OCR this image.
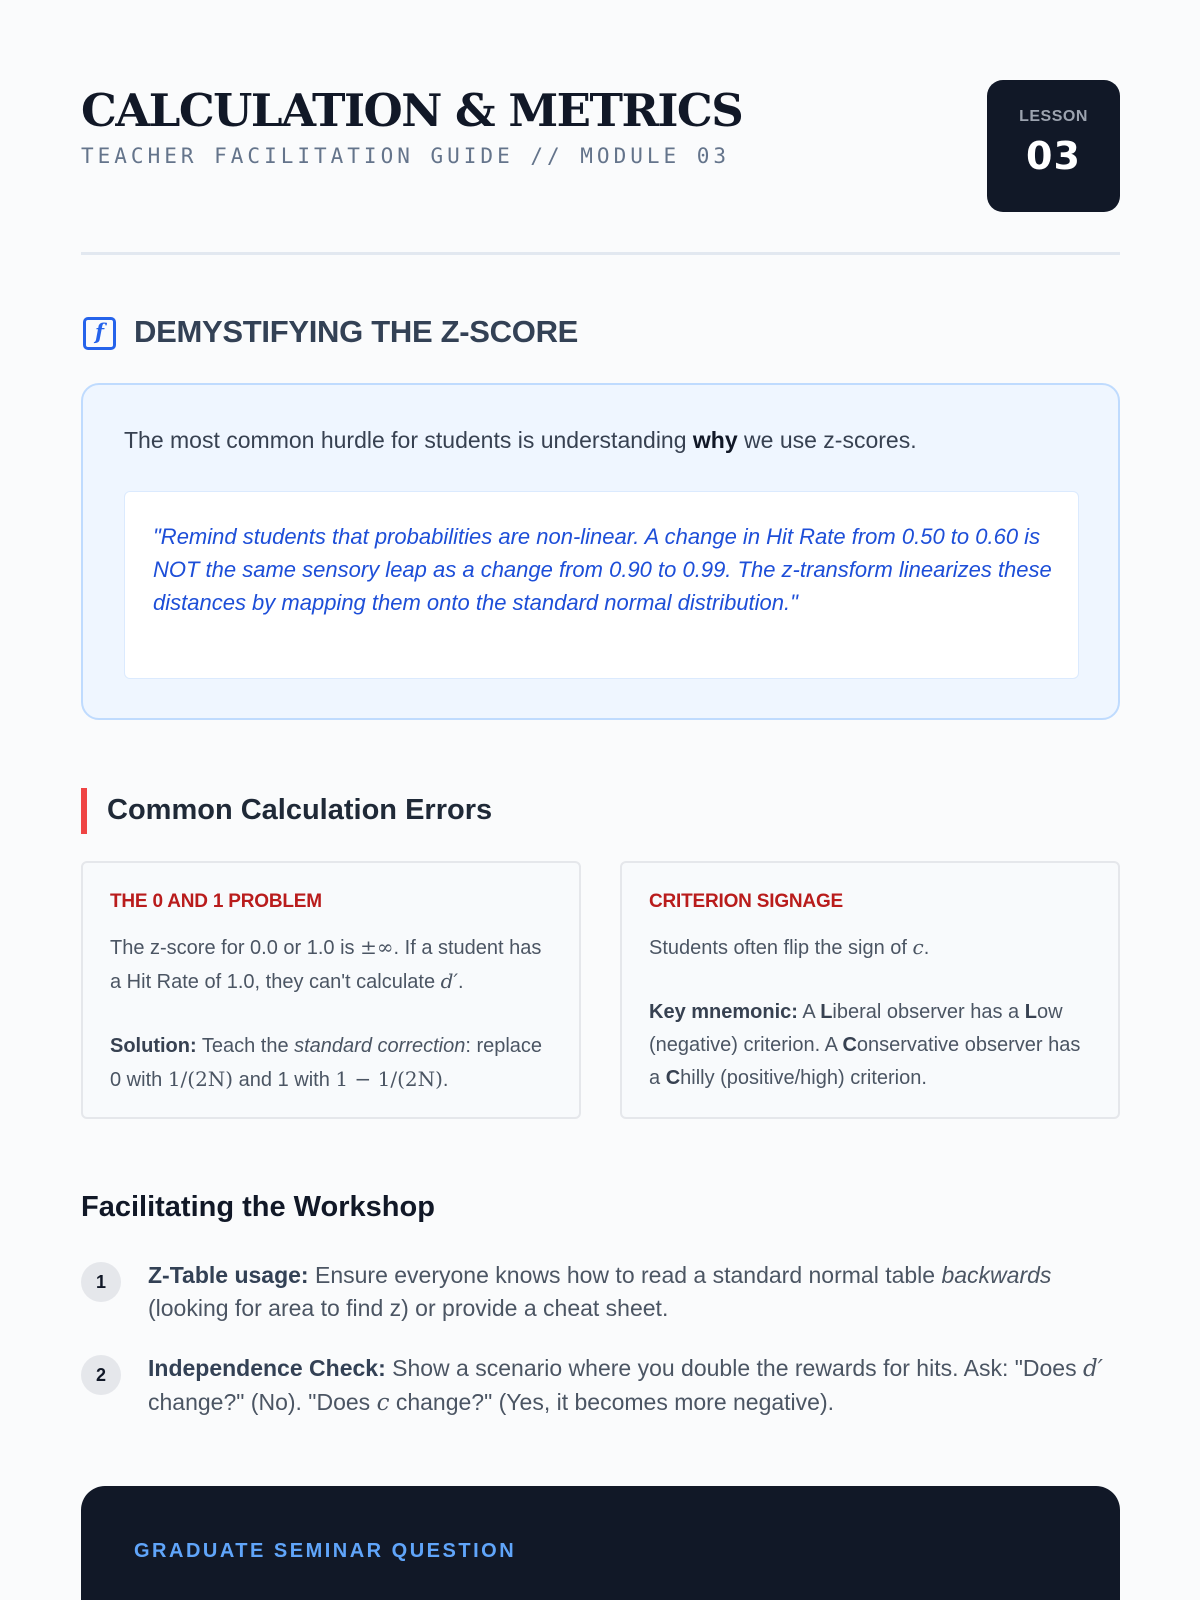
CALCULATION & METRICS
TEACHER FACILITATION GUIDE // MODULE 03
LESSON
03
f DEMYSTIFYING THE Z-SCORE
The most common hurdle for students is understanding why we use z-scores.
"Remind students that probabilities are non-linear. A change in Hit Rate from 0.50 to 0.60 is NOT the same sensory leap as a change from 0.90 to 0.99. The z-transform linearizes these distances by mapping them onto the standard normal distribution."
Common Calculation Errors
THE 0 AND 1 PROBLEM
The z-score for 0.0 or 1.0 is ±∞. If a student has a Hit Rate of 1.0, they can't calculate d′.
Solution: Teach the standard correction: replace 0 with 1/(2N) and 1 with 1 − 1/(2N).
CRITERION SIGNAGE
Students often flip the sign of c.
Key mnemonic: A Liberal observer has a Low (negative) criterion. A Conservative observer has a Chilly (positive/high) criterion.
Facilitating the Workshop
1	Z-Table usage: Ensure everyone knows how to read a standard normal table backwards (looking for area to find z) or provide a cheat sheet.
2	Independence Check: Show a scenario where you double the rewards for hits. Ask: "Does d′ change?" (No). "Does c change?" (Yes, it becomes more negative).
GRADUATE SEMINAR QUESTION
